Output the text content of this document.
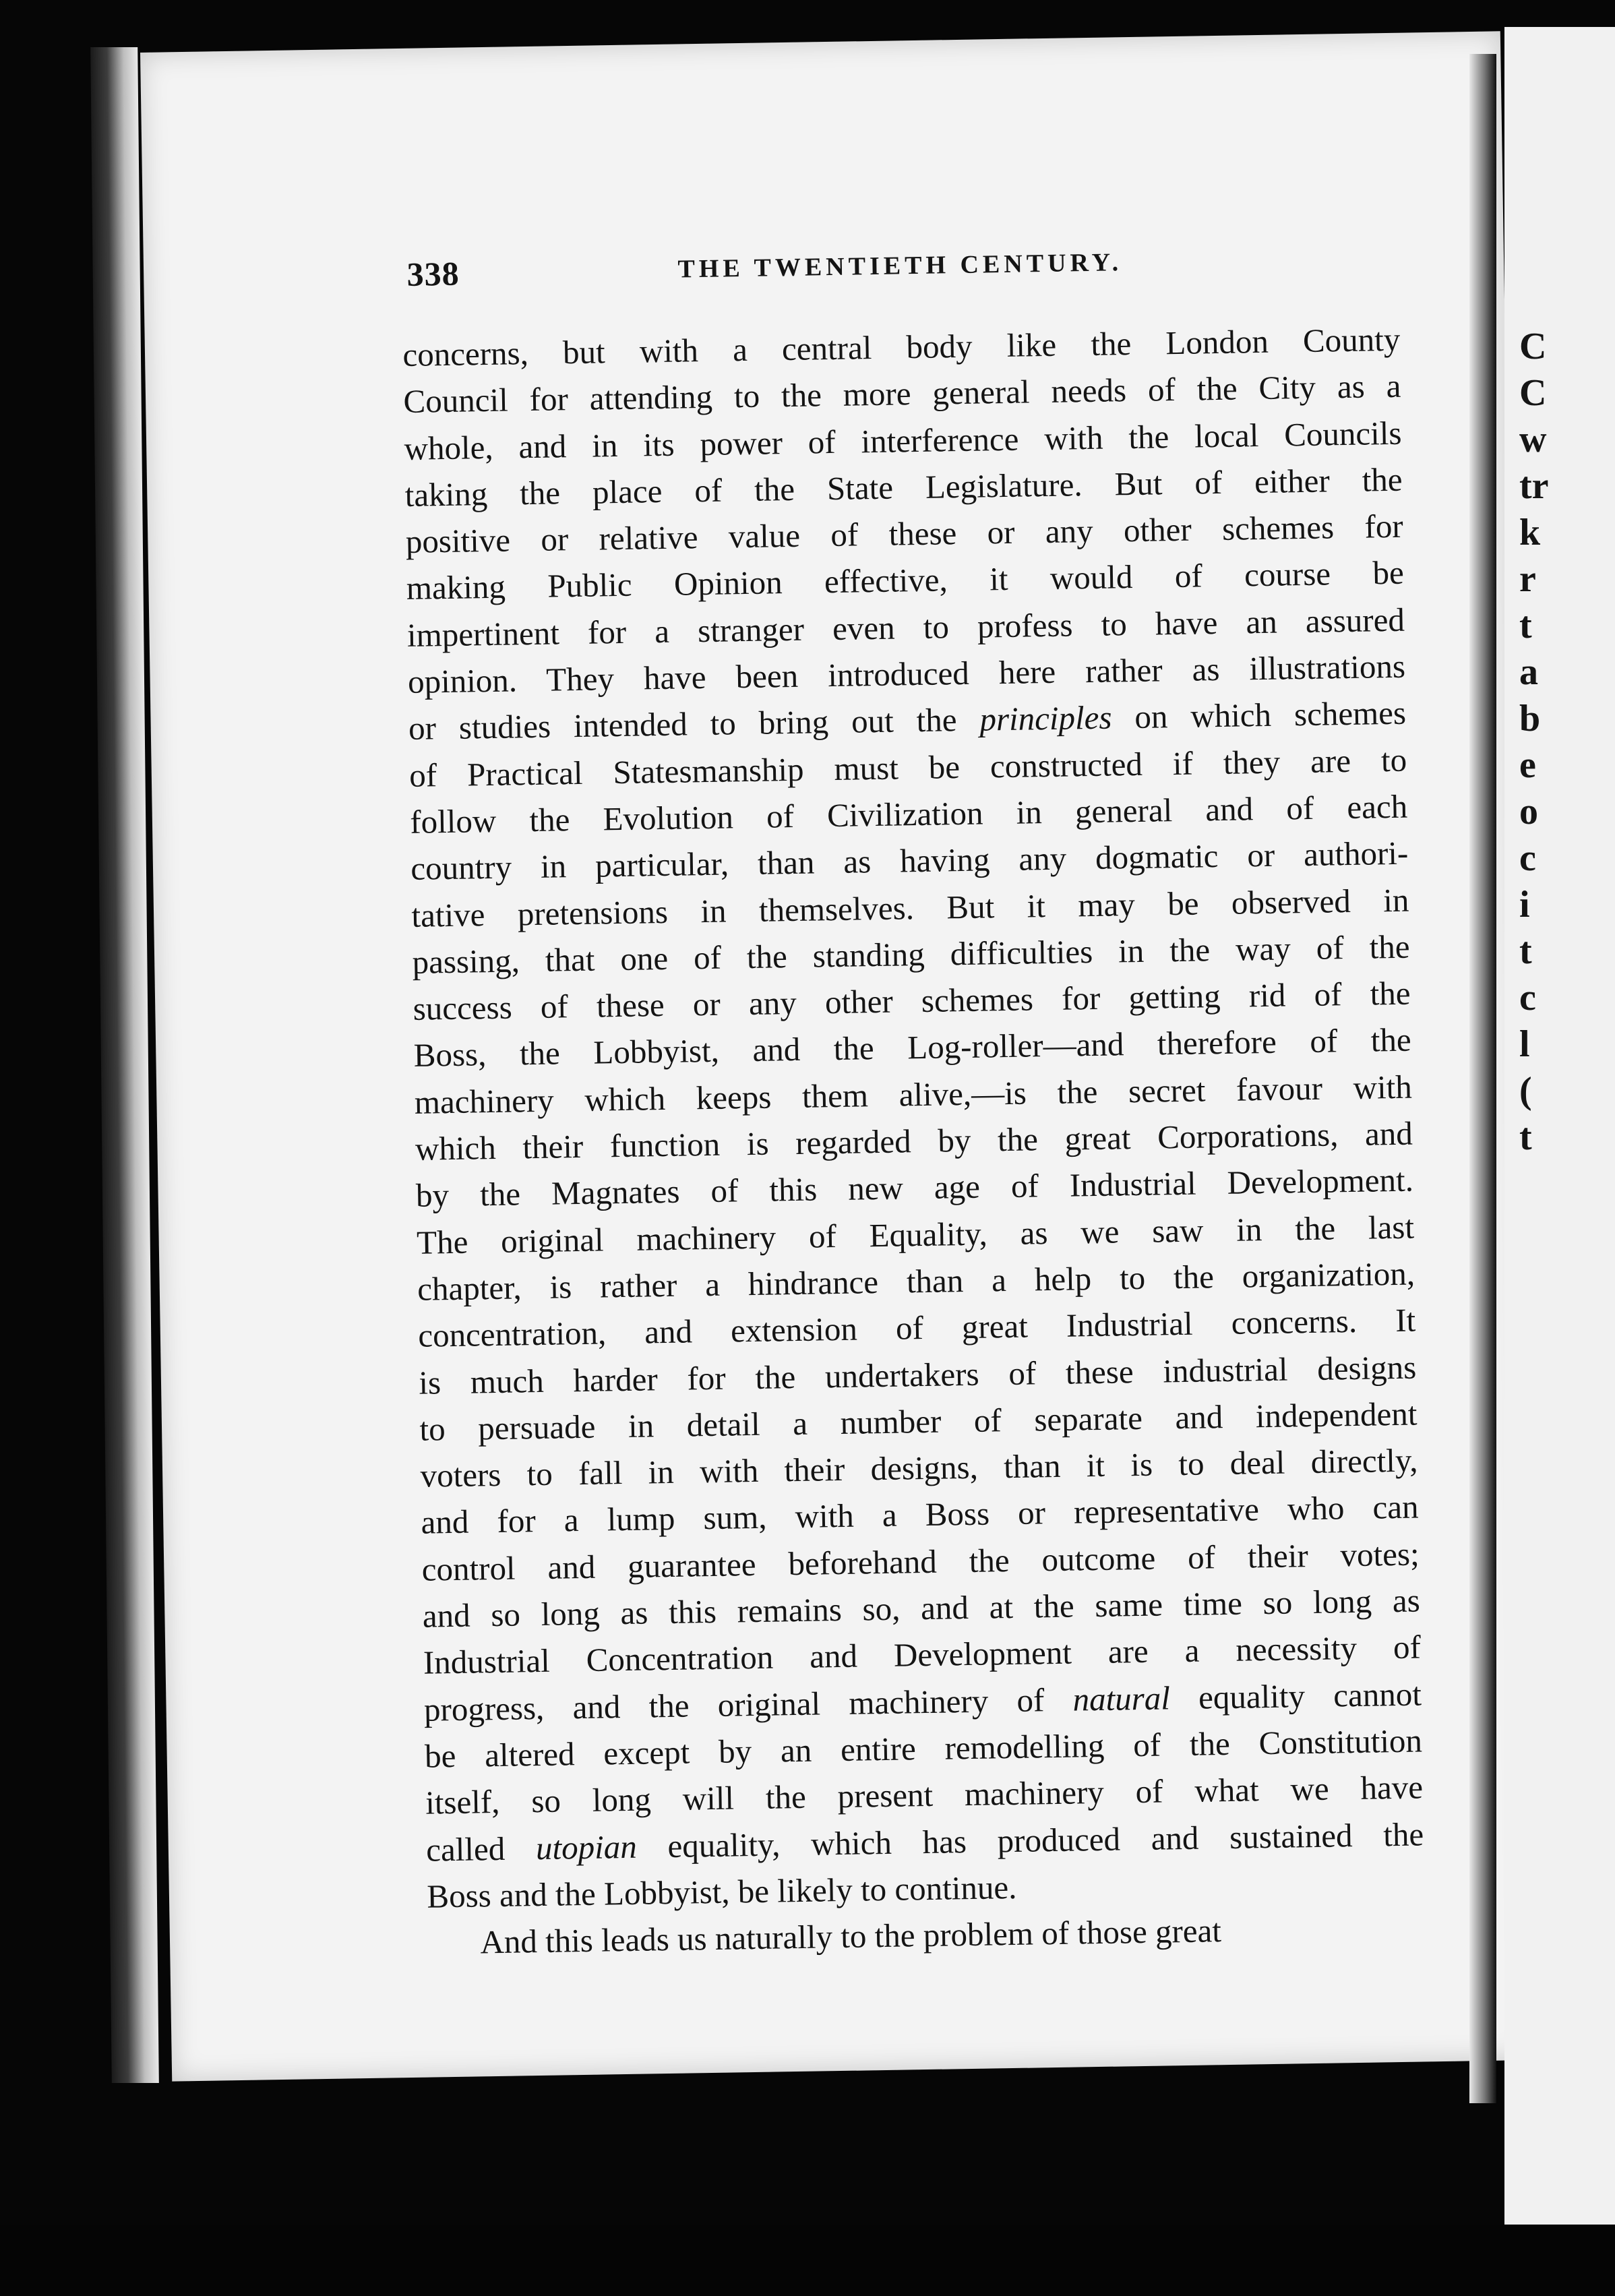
C
C
w
tr
k
r
t
a
b
e
o
c
i
t
c
l
(
t
338	THE TWENTIETH CENTURY.
concerns, but with a central body like the London County
Council for attending to the more general needs of the City as a
whole, and in its power of interference with the local Councils
taking the place of the State Legislature. But of either the
positive or relative value of these or any other schemes for
making Public Opinion effective, it would of course be
impertinent for a stranger even to profess to have an assured
opinion. They have been introduced here rather as illustrations
or studies intended to bring out the principles on which schemes
of Practical Statesmanship must be constructed if they are to
follow the Evolution of Civilization in general and of each
country in particular, than as having any dogmatic or authori-
tative pretensions in themselves. But it may be observed in
passing, that one of the standing difficulties in the way of the
success of these or any other schemes for getting rid of the
Boss, the Lobbyist, and the Log-roller—and therefore of the
machinery which keeps them alive,—is the secret favour with
which their function is regarded by the great Corporations, and
by the Magnates of this new age of Industrial Development.
The original machinery of Equality, as we saw in the last
chapter, is rather a hindrance than a help to the organization,
concentration, and extension of great Industrial concerns. It
is much harder for the undertakers of these industrial designs
to persuade in detail a number of separate and independent
voters to fall in with their designs, than it is to deal directly,
and for a lump sum, with a Boss or representative who can
control and guarantee beforehand the outcome of their votes;
and so long as this remains so, and at the same time so long as
Industrial Concentration and Development are a necessity of
progress, and the original machinery of natural equality cannot
be altered except by an entire remodelling of the Constitution
itself, so long will the present machinery of what we have
called utopian equality, which has produced and sustained the
Boss and the Lobbyist, be likely to continue.
And this leads us naturally to the problem of those great
